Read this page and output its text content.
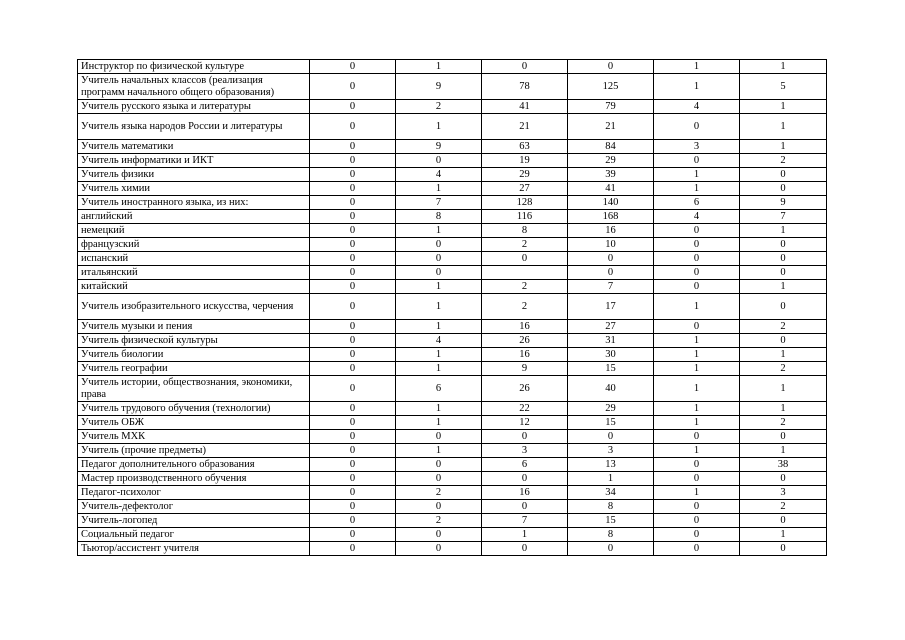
Инструктор по физической культуре	0	1	0	0	1	1
Учитель начальных классов (реализация программ начального общего образования)	0	9	78	125	1	5
Учитель русского языка и литературы	0	2	41	79	4	1
Учитель языка народов России и литературы	0	1	21	21	0	1
Учитель математики	0	9	63	84	3	1
Учитель информатики и ИКТ	0	0	19	29	0	2
Учитель физики	0	4	29	39	1	0
Учитель химии	0	1	27	41	1	0
Учитель иностранного языка, из них:	0	7	128	140	6	9
английский	0	8	116	168	4	7
немецкий	0	1	8	16	0	1
французский	0	0	2	10	0	0
испанский	0	0	0	0	0	0
итальянский	0	0		0	0	0
китайский	0	1	2	7	0	1
Учитель изобразительного искусства, черчения	0	1	2	17	1	0
Учитель музыки и пения	0	1	16	27	0	2
Учитель физической культуры	0	4	26	31	1	0
Учитель биологии	0	1	16	30	1	1
Учитель географии	0	1	9	15	1	2
Учитель истории, обществознания, экономики, права	0	6	26	40	1	1
Учитель трудового обучения (технологии)	0	1	22	29	1	1
Учитель ОБЖ	0	1	12	15	1	2
Учитель МХК	0	0	0	0	0	0
Учитель (прочие предметы)	0	1	3	3	1	1
Педагог дополнительного образования	0	0	6	13	0	38
Мастер производственного обучения	0	0	0	1	0	0
Педагог-психолог	0	2	16	34	1	3
Учитель-дефектолог	0	0	0	8	0	2
Учитель-логопед	0	2	7	15	0	0
Социальный педагог	0	0	1	8	0	1
Тьютор/ассистент учителя	0	0	0	0	0	0
